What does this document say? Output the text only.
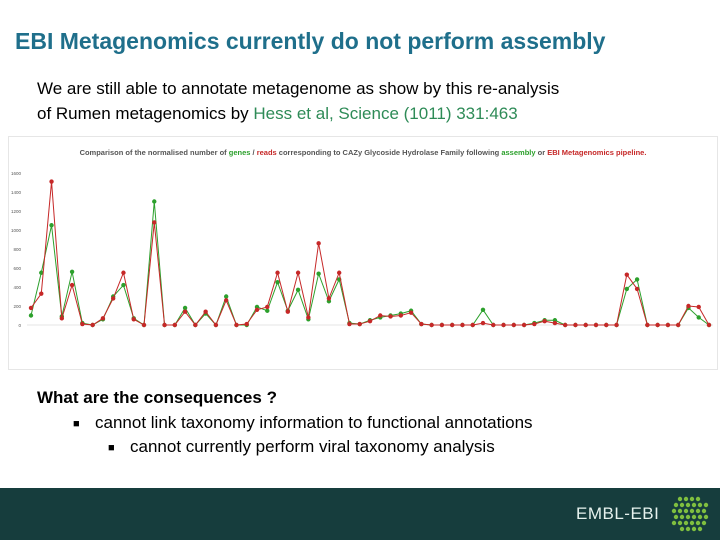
EBI Metagenomics currently do not perform assembly
We are still able to annotate metagenome as show by this re-analysis
of Rumen metagenomics by Hess et al, Science (1011) 331:463
Comparison of the normalised number of genes / reads corresponding to CAZy Glycoside Hydrolase Family following assembly or EBI Metagenomics pipeline.
0
200
400
600
800
1000
1200
1400
1600
What are the consequences ?
■ cannot link taxonomy information to functional annotations
■ cannot currently perform viral taxonomy analysis
EMBL-EBI
